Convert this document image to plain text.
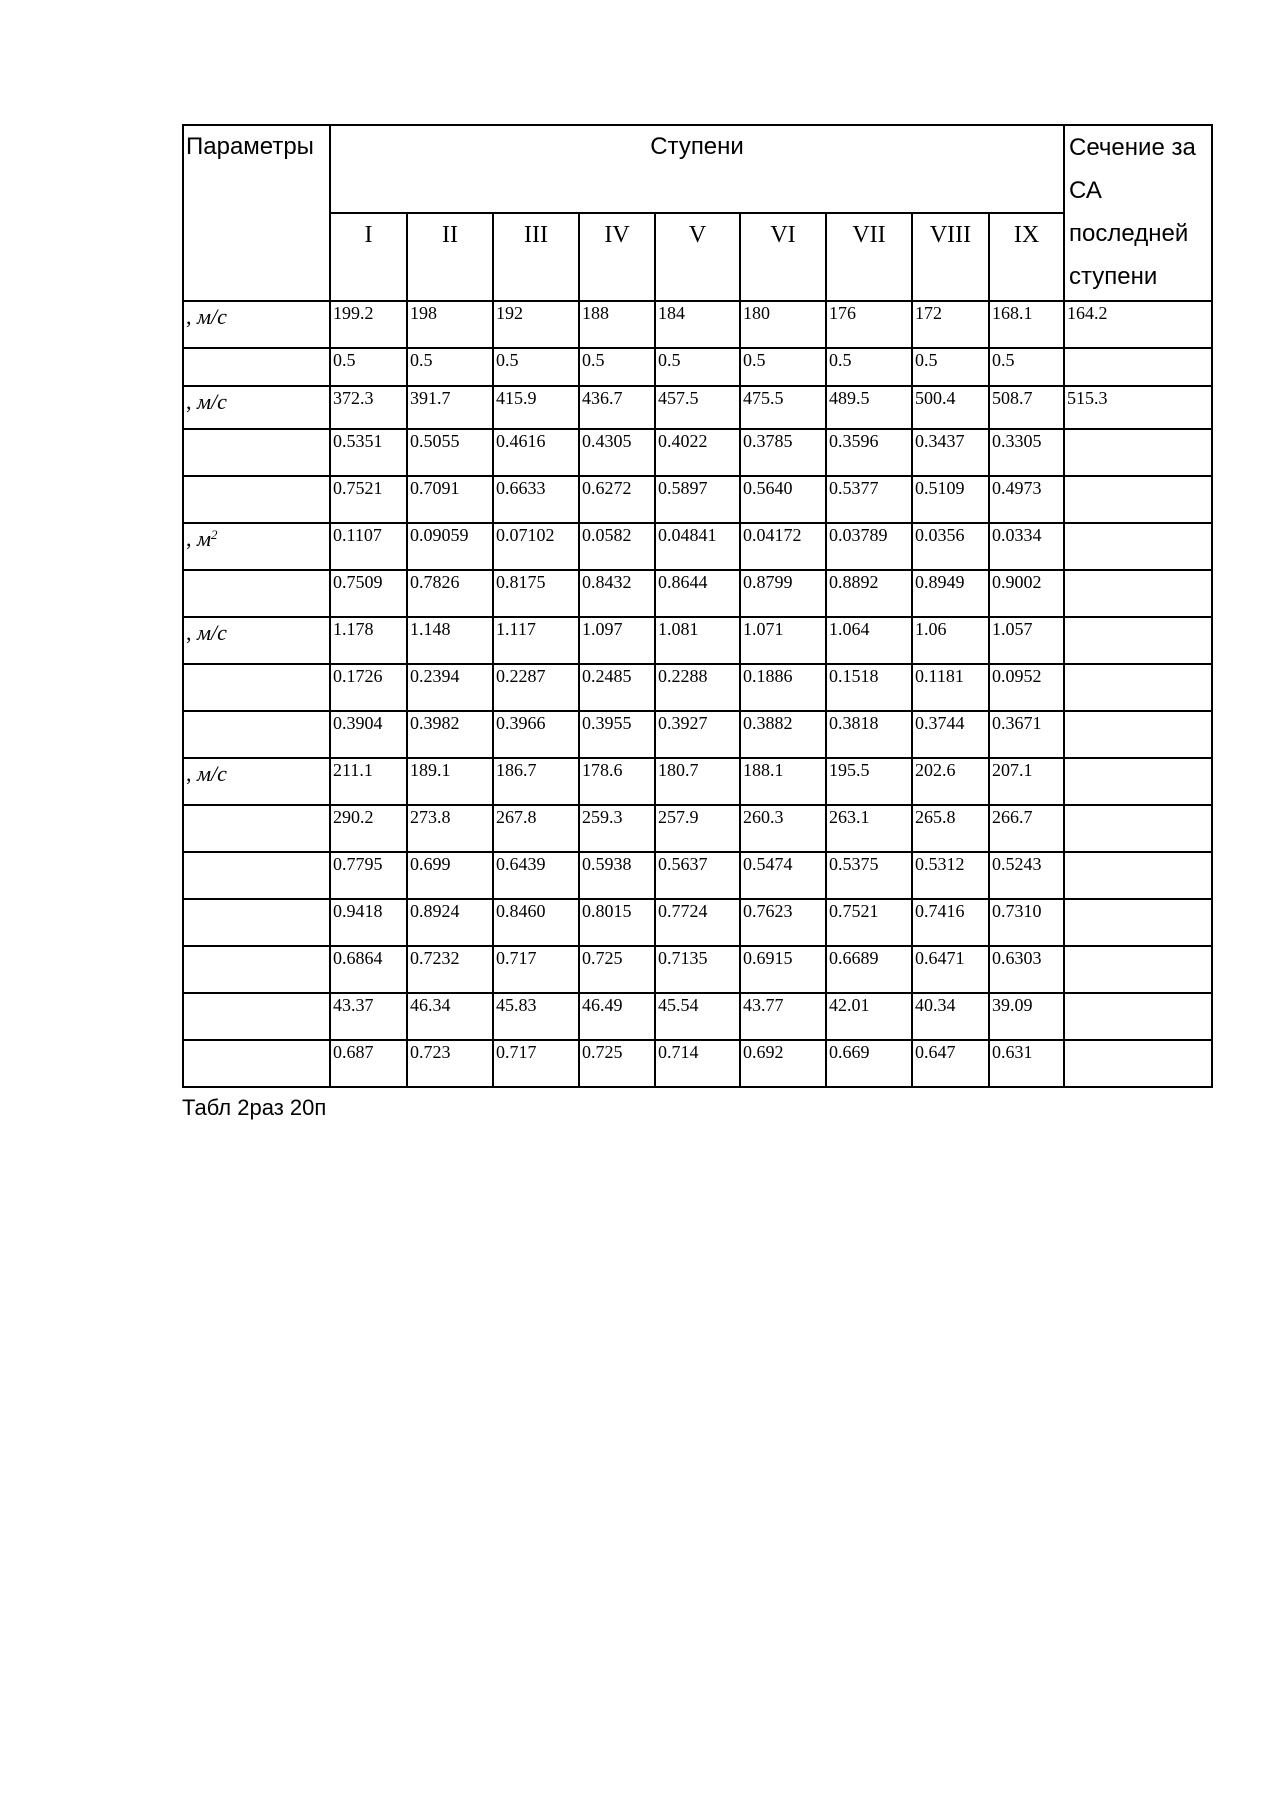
Параметры	Ступени									Сечение за СА последней ступени
	I	II	III	IV	V	VI	VII	VIII	IX	
, м/с	199.2	198	192	188	184	180	176	172	168.1	164.2
	0.5	0.5	0.5	0.5	0.5	0.5	0.5	0.5	0.5	
, м/с	372.3	391.7	415.9	436.7	457.5	475.5	489.5	500.4	508.7	515.3
	0.5351	0.5055	0.4616	0.4305	0.4022	0.3785	0.3596	0.3437	0.3305	
	0.7521	0.7091	0.6633	0.6272	0.5897	0.5640	0.5377	0.5109	0.4973	
, $м^2$	0.1107	0.09059	0.07102	0.0582	0.04841	0.04172	0.03789	0.0356	0.0334	
	0.7509	0.7826	0.8175	0.8432	0.8644	0.8799	0.8892	0.8949	0.9002	
, м/с	1.178	1.148	1.117	1.097	1.081	1.071	1.064	1.06	1.057	
	0.1726	0.2394	0.2287	0.2485	0.2288	0.1886	0.1518	0.1181	0.0952	
	0.3904	0.3982	0.3966	0.3955	0.3927	0.3882	0.3818	0.3744	0.3671	
, м/с	211.1	189.1	186.7	178.6	180.7	188.1	195.5	202.6	207.1	
	290.2	273.8	267.8	259.3	257.9	260.3	263.1	265.8	266.7	
	0.7795	0.699	0.6439	0.5938	0.5637	0.5474	0.5375	0.5312	0.5243	
	0.9418	0.8924	0.8460	0.8015	0.7724	0.7623	0.7521	0.7416	0.7310	
	0.6864	0.7232	0.717	0.725	0.7135	0.6915	0.6689	0.6471	0.6303	
	43.37	46.34	45.83	46.49	45.54	43.77	42.01	40.34	39.09	
	0.687	0.723	0.717	0.725	0.714	0.692	0.669	0.647	0.631	
Табл 2раз 20п
